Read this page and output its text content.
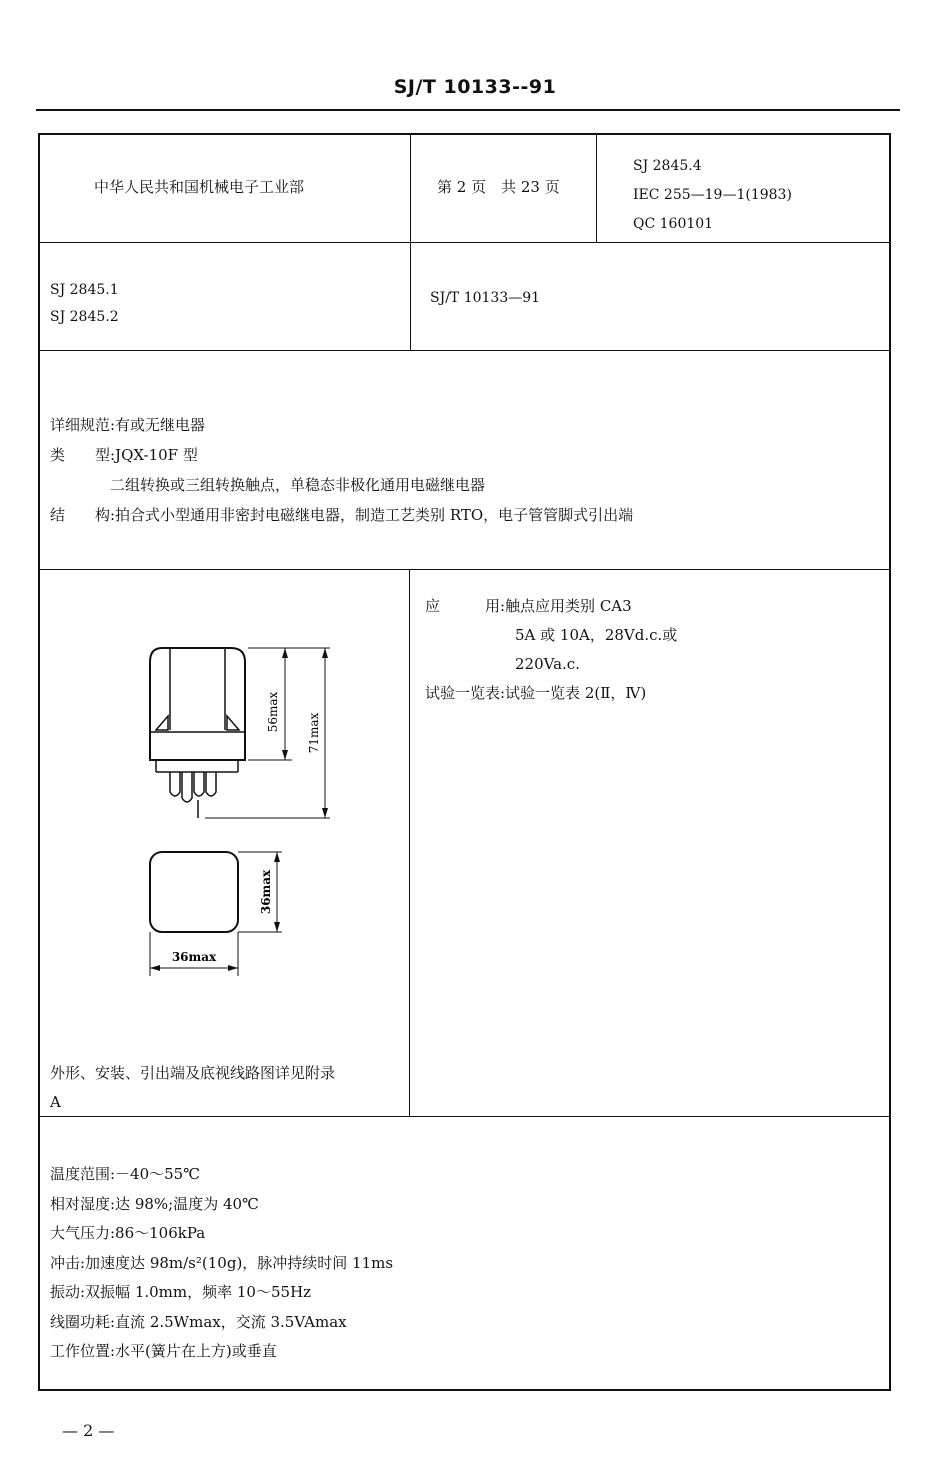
SJ/T 10133--91
中华人民共和国机械电子工业部	第 2 页　共 23 页
SJ 2845.4
IEC 255—19—1(1983)
QC 160101
SJ 2845.1
SJ 2845.2
SJ/T 10133—91
详细规范:有或无继电器
类　　型:JQX-10F 型
　　　　二组转换或三组转换触点，单稳态非极化通用电磁继电器
结　　构:拍合式小型通用非密封电磁继电器，制造工艺类别 RTO，电子管管脚式引出端
56max
71max
36max
36max
外形、安装、引出端及底视线路图详见附录
A
应　　　用:触点应用类别 CA3
　　　　　　5A 或 10A，28Vd.c.或
　　　　　　220Va.c.
试验一览表:试验一览表 2(Ⅱ，Ⅳ)
温度范围:－40～55℃
相对湿度:达 98%;温度为 40℃
大气压力:86～106kPa
冲击:加速度达 98m/s²(10g)，脉冲持续时间 11ms
振动:双振幅 1.0mm，频率 10～55Hz
线圈功耗:直流 2.5Wmax，交流 3.5VAmax
工作位置:水平(簧片在上方)或垂直
— 2 —
